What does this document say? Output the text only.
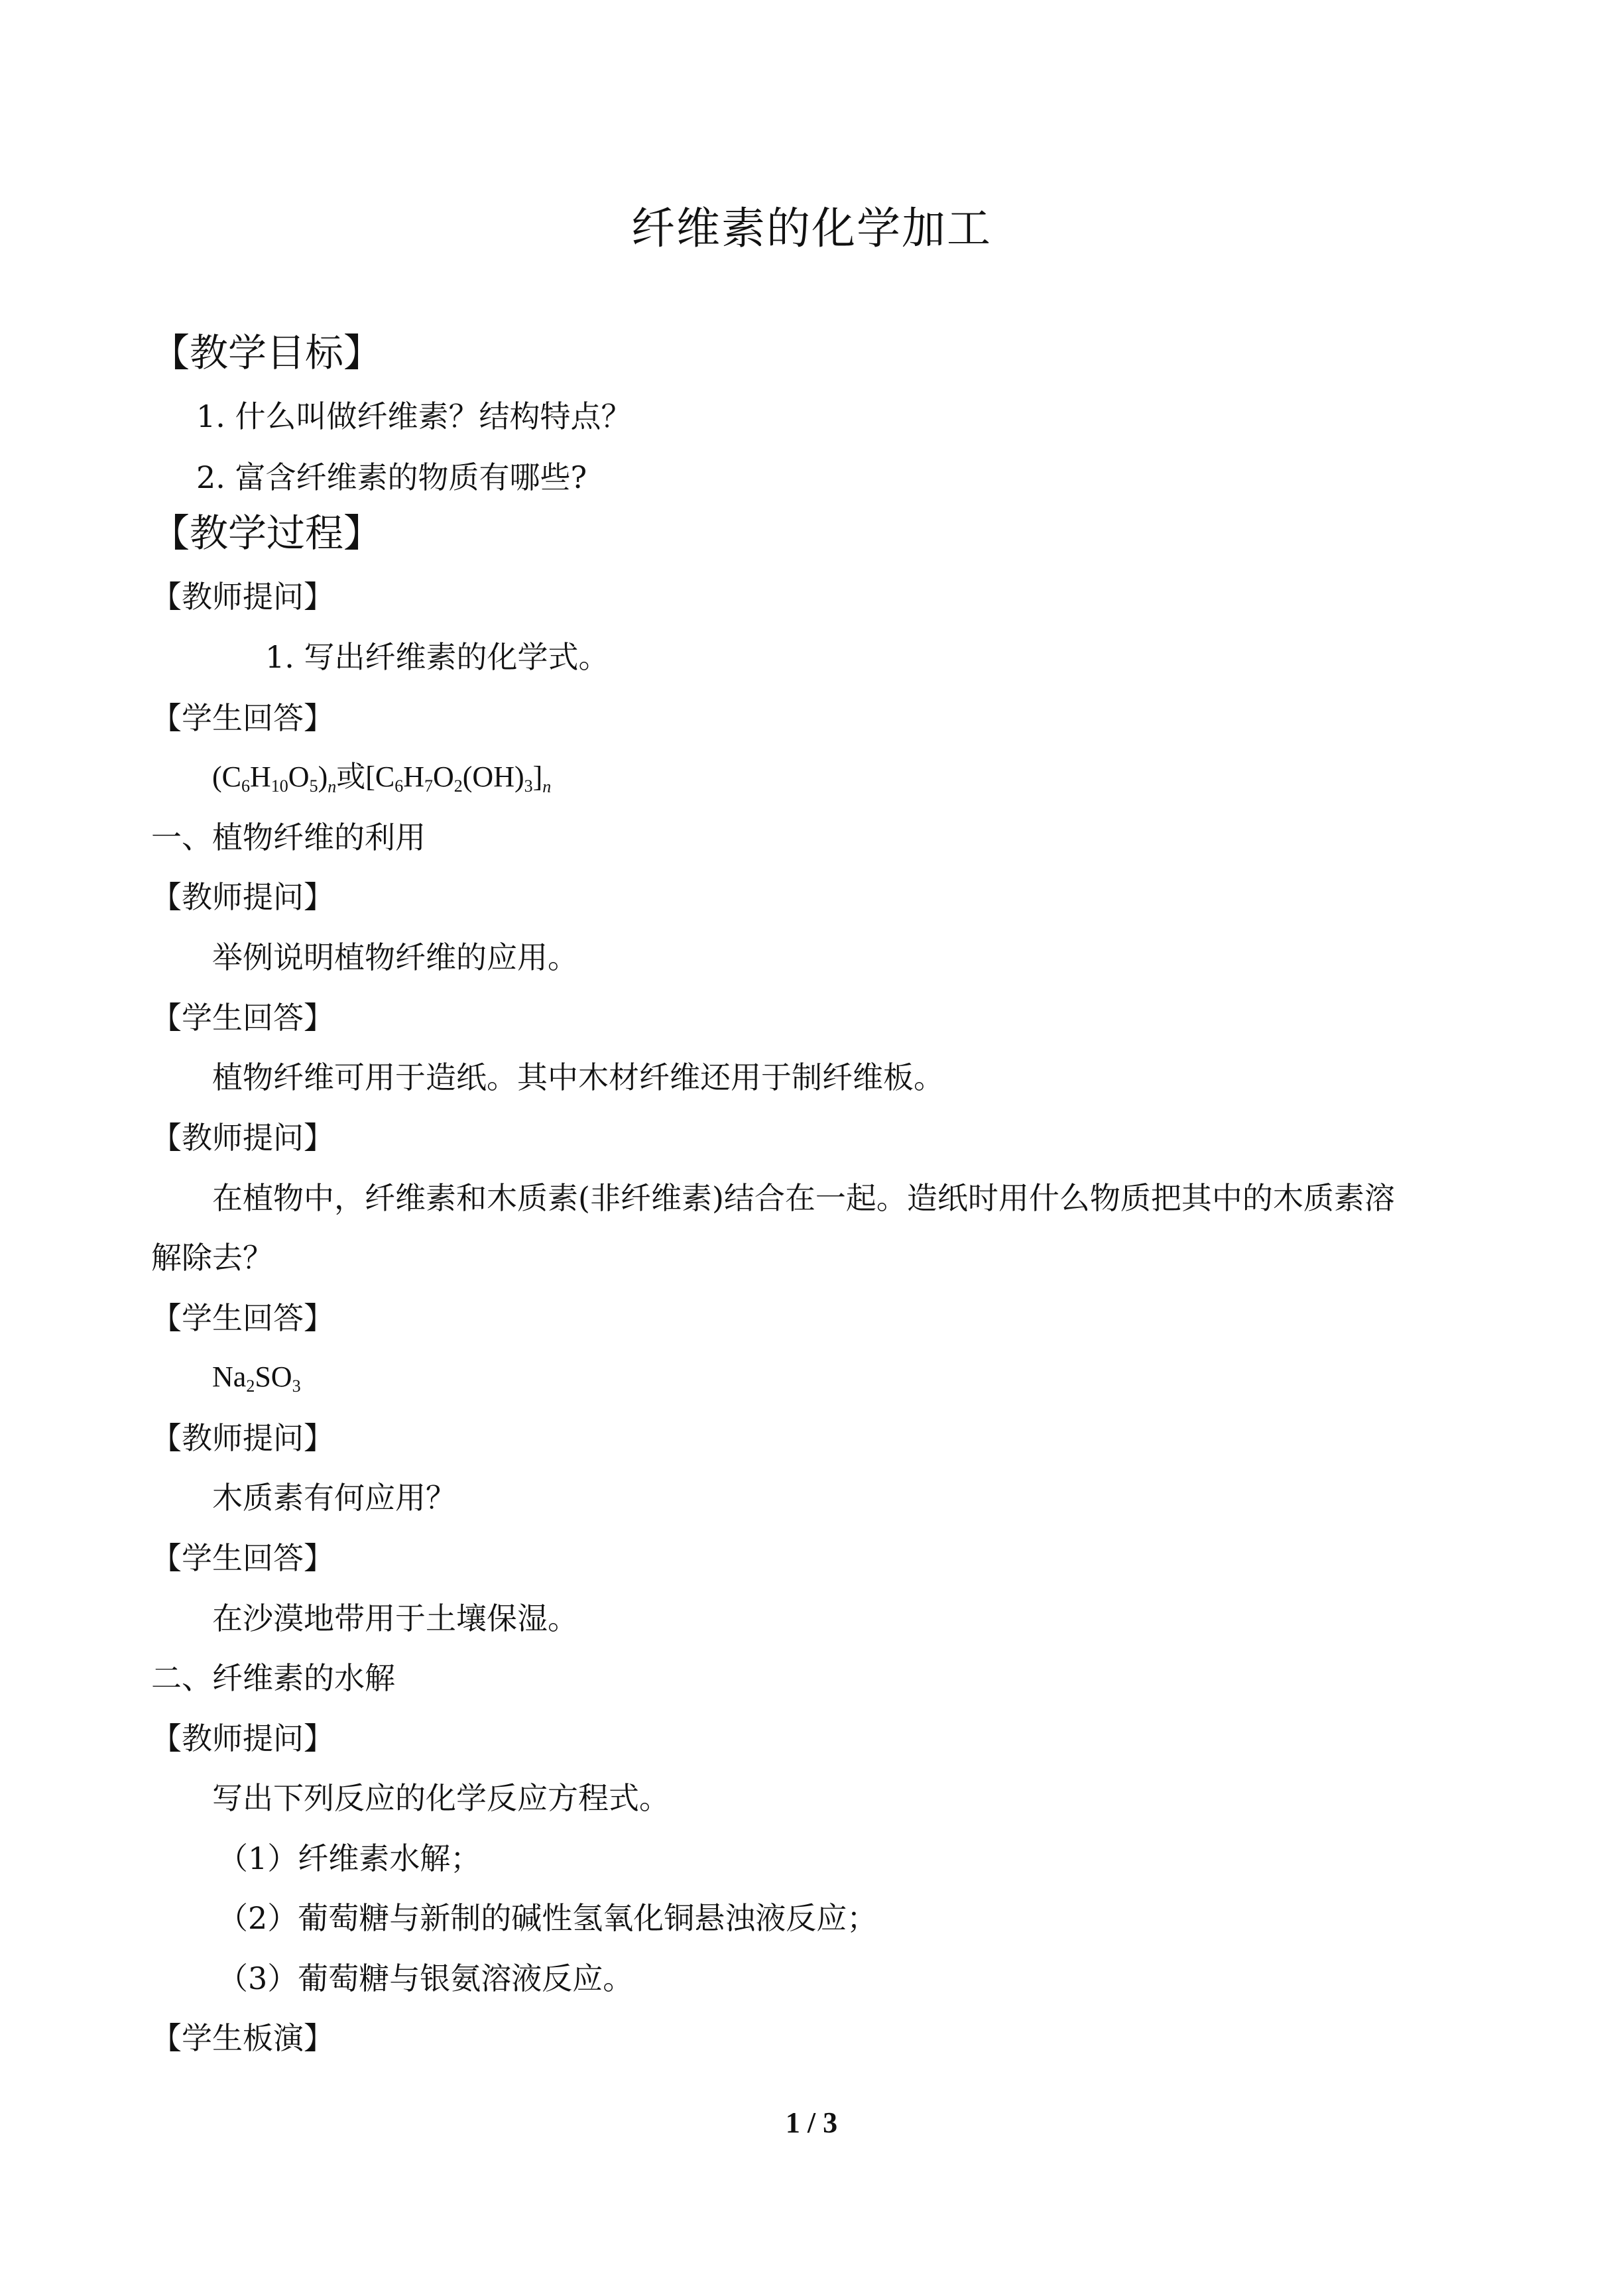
纤维素的化学加工
【教学目标】
1. 什么叫做纤维素？结构特点？
2. 富含纤维素的物质有哪些?
【教学过程】
【教师提问】
1. 写出纤维素的化学式。
【学生回答】
$(C6H10O5)_n$或$[C6H7O2(OH)3]_n$
一、植物纤维的利用
【教师提问】
举例说明植物纤维的应用。
【学生回答】
植物纤维可用于造纸。其中木材纤维还用于制纤维板。
【教师提问】
在植物中，纤维素和木质素(非纤维素)结合在一起。造纸时用什么物质把其中的木质素溶
解除去？
【学生回答】
Na2SO3
【教师提问】
木质素有何应用？
【学生回答】
在沙漠地带用于土壤保湿。
二、纤维素的水解
【教师提问】
写出下列反应的化学反应方程式。
（1）纤维素水解；
（2）葡萄糖与新制的碱性氢氧化铜悬浊液反应；
（3）葡萄糖与银氨溶液反应。
【学生板演】
1 / 3
